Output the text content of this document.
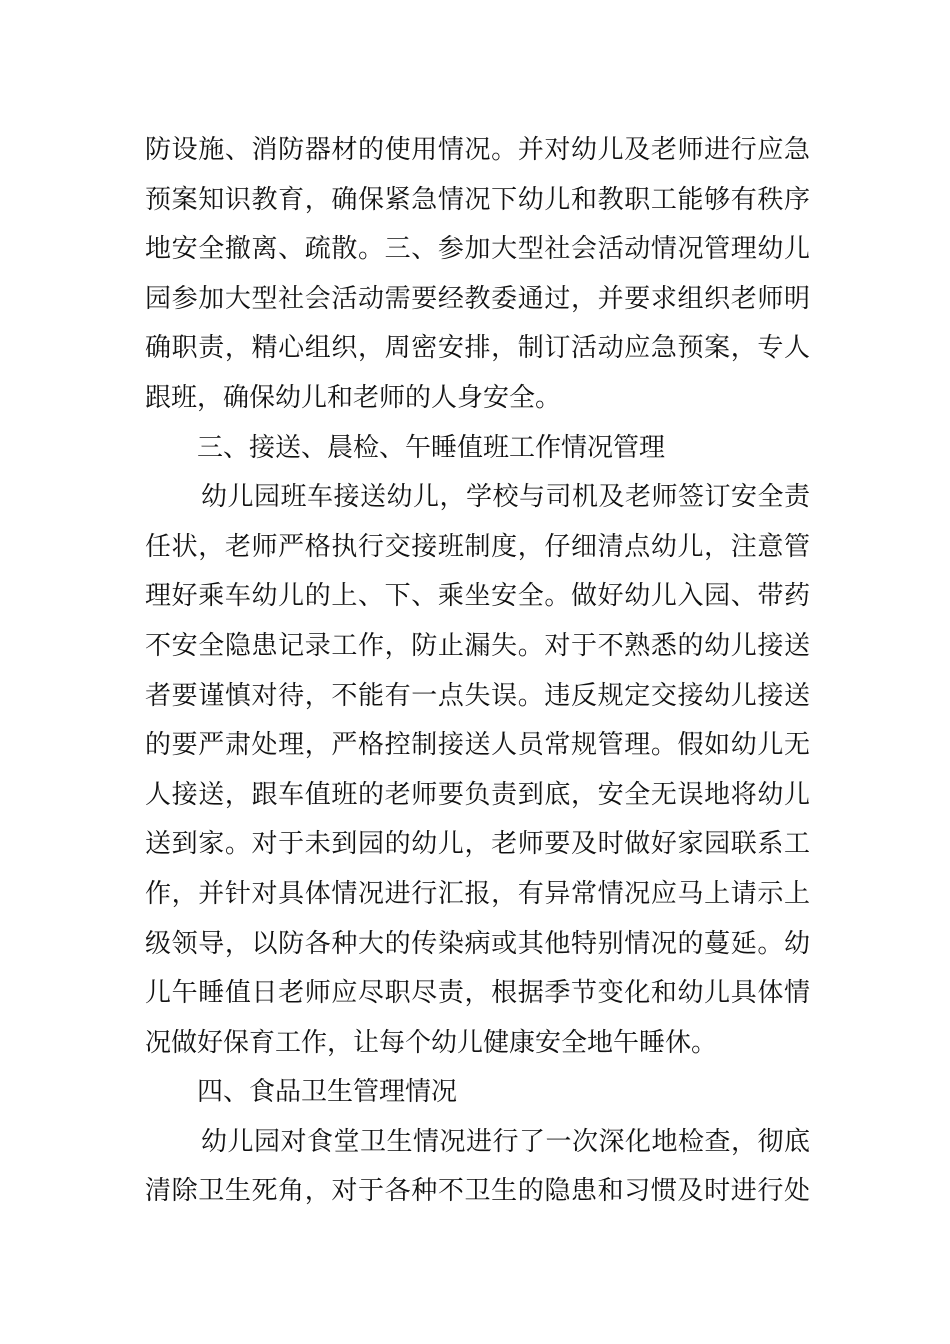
防设施、消防器材的使用情况。并对幼儿及老师进行应急
预案知识教育，确保紧急情况下幼儿和教职工能够有秩序
地安全撤离、疏散。三、参加大型社会活动情况管理幼儿
园参加大型社会活动需要经教委通过，并要求组织老师明
确职责，精心组织，周密安排，制订活动应急预案，专人
跟班，确保幼儿和老师的人身安全。
三、接送、晨检、午睡值班工作情况管理
幼儿园班车接送幼儿，学校与司机及老师签订安全责
任状，老师严格执行交接班制度，仔细清点幼儿，注意管
理好乘车幼儿的上、下、乘坐安全。做好幼儿入园、带药
不安全隐患记录工作，防止漏失。对于不熟悉的幼儿接送
者要谨慎对待，不能有一点失误。违反规定交接幼儿接送
的要严肃处理，严格控制接送人员常规管理。假如幼儿无
人接送，跟车值班的老师要负责到底，安全无误地将幼儿
送到家。对于未到园的幼儿，老师要及时做好家园联系工
作，并针对具体情况进行汇报，有异常情况应马上请示上
级领导，以防各种大的传染病或其他特别情况的蔓延。幼
儿午睡值日老师应尽职尽责，根据季节变化和幼儿具体情
况做好保育工作，让每个幼儿健康安全地午睡休。
四、食品卫生管理情况
幼儿园对食堂卫生情况进行了一次深化地检查，彻底
清除卫生死角，对于各种不卫生的隐患和习惯及时进行处
